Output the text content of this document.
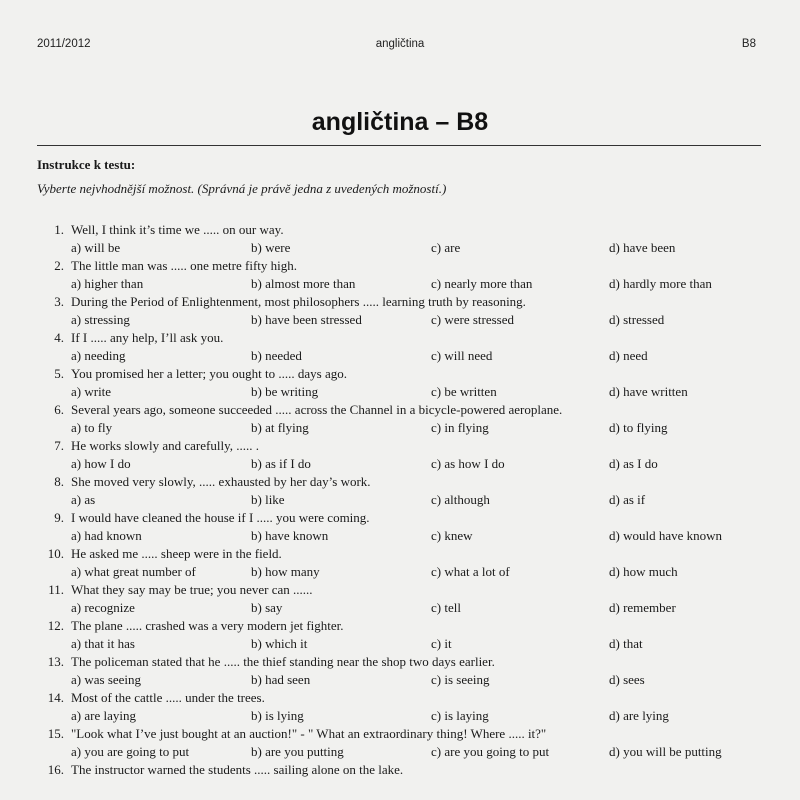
2011/2012	angličtina	B8
angličtina – B8
Instrukce k testu:
Vyberte nejvhodnější možnost. (Správná je právě jedna z uvedených možností.)
1. Well, I think it’s time we ..... on our way.
a) will be	b) were	c) are	d) have been
2. The little man was ..... one metre fifty high.
a) higher than	b) almost more than	c) nearly more than	d) hardly more than
3. During the Period of Enlightenment, most philosophers ..... learning truth by reasoning.
a) stressing	b) have been stressed	c) were stressed	d) stressed
4. If I ..... any help, I’ll ask you.
a) needing	b) needed	c) will need	d) need
5. You promised her a letter; you ought to ..... days ago.
a) write	b) be writing	c) be written	d) have written
6. Several years ago, someone succeeded ..... across the Channel in a bicycle-powered aeroplane.
a) to fly	b) at flying	c) in flying	d) to flying
7. He works slowly and carefully, ..... .
a) how I do	b) as if I do	c) as how I do	d) as I do
8. She moved very slowly, ..... exhausted by her day’s work.
a) as	b) like	c) although	d) as if
9. I would have cleaned the house if I ..... you were coming.
a) had known	b) have known	c) knew	d) would have known
10. He asked me ..... sheep were in the field.
a) what great number of	b) how many	c) what a lot of	d) how much
11. What they say may be true; you never can ......
a) recognize	b) say	c) tell	d) remember
12. The plane ..... crashed was a very modern jet fighter.
a) that it has	b) which it	c) it	d) that
13. The policeman stated that he ..... the thief standing near the shop two days earlier.
a) was seeing	b) had seen	c) is seeing	d) sees
14. Most of the cattle ..... under the trees.
a) are laying	b) is lying	c) is laying	d) are lying
15. "Look what I’ve just bought at an auction!" - " What an extraordinary thing! Where ..... it?"
a) you are going to put	b) are you putting	c) are you going to put	d) you will be putting
16. The instructor warned the students ..... sailing alone on the lake.
